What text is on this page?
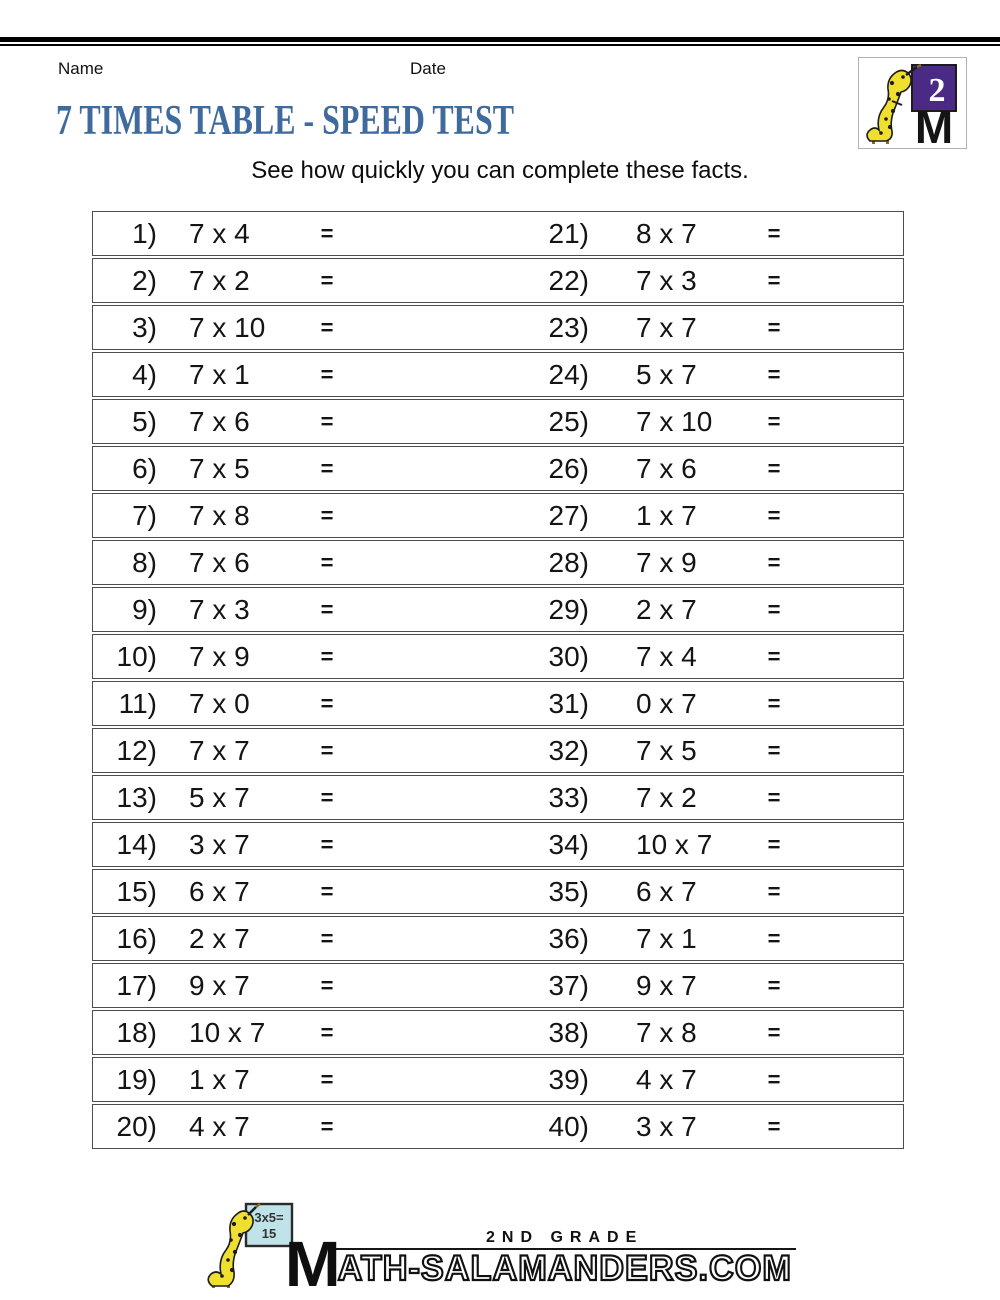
Name	Date
2
M
7 TIMES TABLE - SPEED TEST
See how quickly you can complete these facts.
1)	7 x 4	=	21)	8 x 7	=
2)	7 x 2	=	22)	7 x 3	=
3)	7 x 10	=	23)	7 x 7	=
4)	7 x 1	=	24)	5 x 7	=
5)	7 x 6	=	25)	7 x 10	=
6)	7 x 5	=	26)	7 x 6	=
7)	7 x 8	=	27)	1 x 7	=
8)	7 x 6	=	28)	7 x 9	=
9)	7 x 3	=	29)	2 x 7	=
10)	7 x 9	=	30)	7 x 4	=
11)	7 x 0	=	31)	0 x 7	=
12)	7 x 7	=	32)	7 x 5	=
13)	5 x 7	=	33)	7 x 2	=
14)	3 x 7	=	34)	10 x 7	=
15)	6 x 7	=	35)	6 x 7	=
16)	2 x 7	=	36)	7 x 1	=
17)	9 x 7	=	37)	9 x 7	=
18)	10 x 7	=	38)	7 x 8	=
19)	1 x 7	=	39)	4 x 7	=
20)	4 x 7	=	40)	3 x 7	=
3x5=
15 M	2ND GRADE
ATH-SALAMANDERS.COM
